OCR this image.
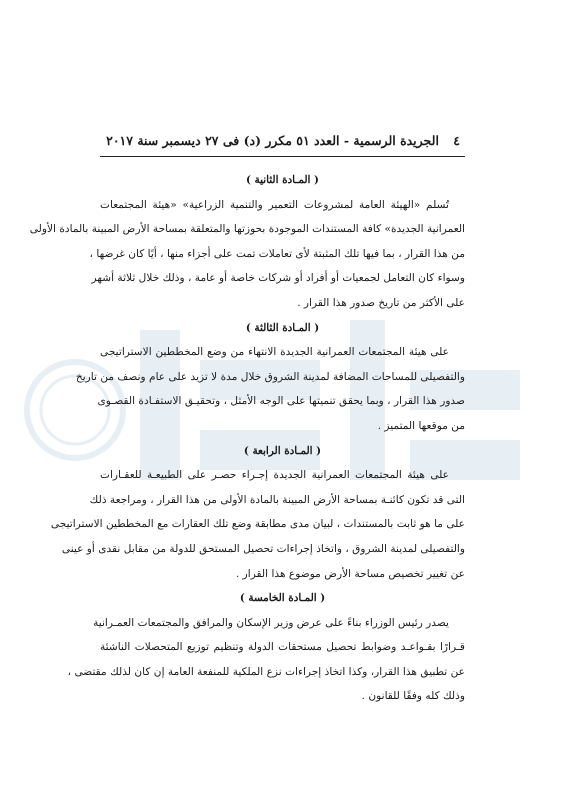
٤ الجريدة الرسمية - العدد ٥١ مكرر (د) فى ٢٧ ديسمبر سنة ٢٠١٧
( المـادة الثانية )
تُسلم «الهيئة العامة لمشروعات التعمير والتنمية الزراعية» «هيئة المجتمعات
العمرانية الجديدة» كافة المستندات الموجودة بحوزتها والمتعلقة بمساحة الأرض المبينة بالمادة الأولى
من هذا القرار ، بما فيها تلك المثبتة لأى تعاملات تمت على أجزاء منها ، أيًا كان غرضها ،
وسواء كان التعامل لجمعيات أو أفراد أو شركات خاصة أو عامة ، وذلك خلال ثلاثة أشهر
على الأكثر من تاريخ صدور هذا القرار .
( المـادة الثالثة )
على هيئة المجتمعات العمرانية الجديدة الانتهاء من وضع المخططين الاستراتيجى
والتفصيلى للمساحات المضافة لمدينة الشروق خلال مدة لا تزيد على عام ونصف من تاريخ
صدور هذا القرار ، وبما يحقق تنميتها على الوجه الأمثل ، وتحقيـق الاستفـادة القصـوى
من موقعها المتميز .
( المـادة الرابعة )
على هيئة المجتمعات العمرانية الجديدة إجـراء حصـر على الطبيعـة للعقـارات
التى قد تكون كائنـة بمساحة الأرض المبينة بالمادة الأولى من هذا القرار ، ومراجعة ذلك
على ما هو ثابت بالمستندات ، لبيان مدى مطابقة وضع تلك العقارات مع المخططين الاستراتيجى
والتفصيلى لمدينة الشروق ، واتخاذ إجراءات تحصيل المستحق للدولة من مقابل نقدى أو عينى
عن تغيير تخصيص مساحة الأرض موضوع هذا القرار .
( المـادة الخامسة )
يصدر رئيس الوزراء بناءً على عرض وزير الإسكان والمرافق والمجتمعات العمـرانية
قـرارًا بقـواعـد وضوابط تحصيل مستحقات الدولة وتنظيم توزيع المتحصلات الناشئة
عن تطبيق هذا القرار، وكذا اتخاذ إجراءات نزع الملكية للمنفعة العامة إن كان لذلك مقتضى ،
وذلك كله وفقًا للقانون .
